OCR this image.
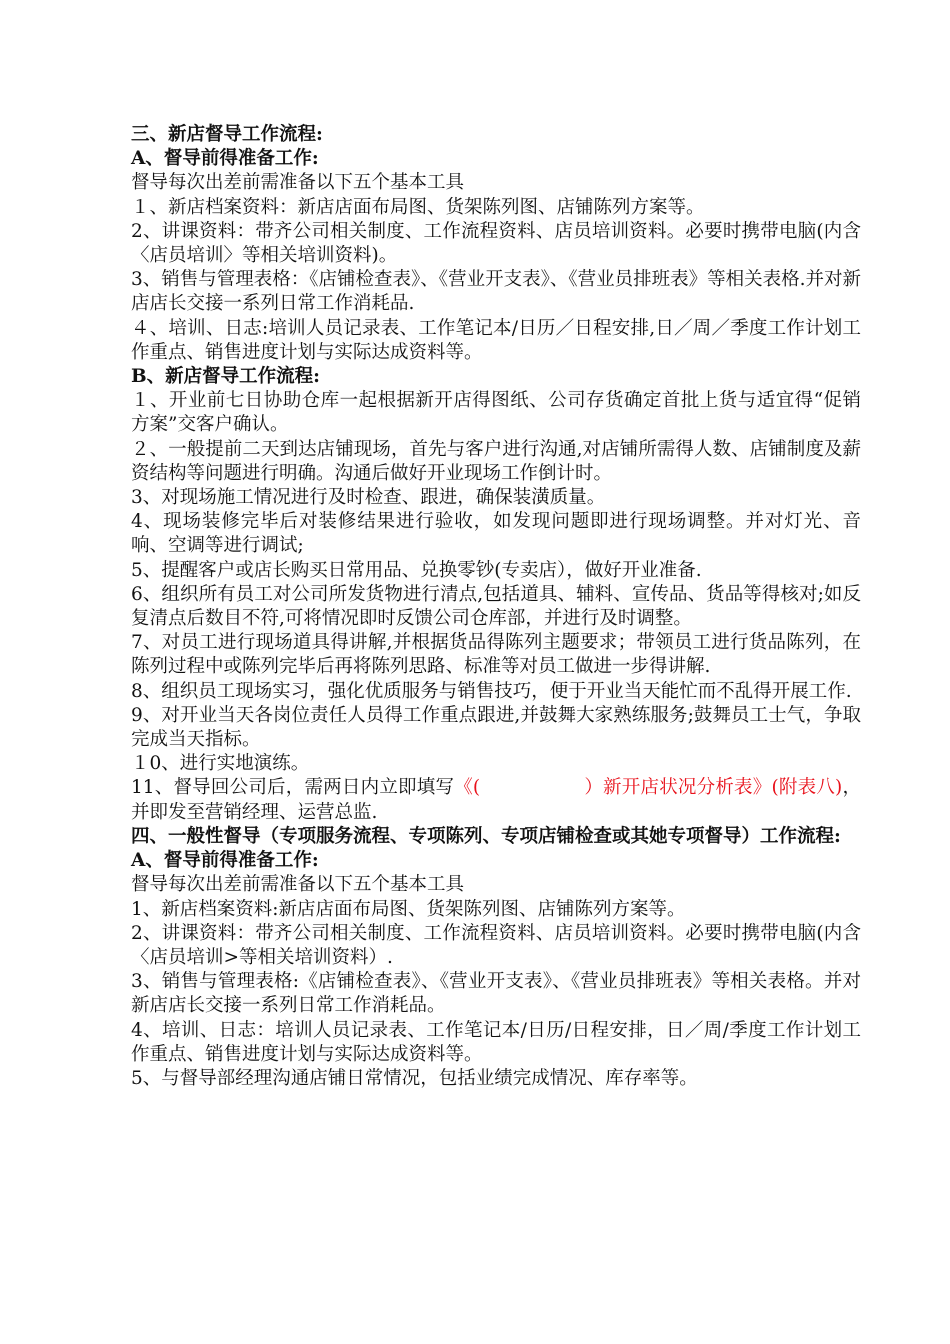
三、新店督导工作流程:

A、督导前得准备工作:

督导每次出差前需准备以下五个基本工具

１、新店档案资料：新店店面布局图、货架陈列图、店铺陈列方案等。

2、讲课资料：带齐公司相关制度、工作流程资料、店员培训资料。必要时携带电脑(内含〈店员培训〉等相关培训资料)。

3、销售与管理表格：《店铺检查表》、《营业开支表》、《营业员排班表》等相关表格.并对新店店长交接一系列日常工作消耗品.

４、培训、日志:培训人员记录表、工作笔记本/日历／日程安排,日／周／季度工作计划工作重点、销售进度计划与实际达成资料等。

B、新店督导工作流程:

１、开业前七日协助仓库一起根据新开店得图纸、公司存货确定首批上货与适宜得“促销方案”交客户确认。

２、一般提前二天到达店铺现场，首先与客户进行沟通,对店铺所需得人数、店铺制度及薪资结构等问题进行明确。沟通后做好开业现场工作倒计时。

3、对现场施工情况进行及时检查、跟进，确保装潢质量。

4、现场装修完毕后对装修结果进行验收，如发现问题即进行现场调整。并对灯光、音响、空调等进行调试;

5、提醒客户或店长购买日常用品、兑换零钞(专卖店），做好开业准备.

6、组织所有员工对公司所发货物进行清点,包括道具、辅料、宣传品、货品等得核对;如反复清点后数目不符,可将情况即时反馈公司仓库部，并进行及时调整。

7、对员工进行现场道具得讲解,并根据货品得陈列主题要求；带领员工进行货品陈列，在陈列过程中或陈列完毕后再将陈列思路、标准等对员工做进一步得讲解.

8、组织员工现场实习，强化优质服务与销售技巧，便于开业当天能忙而不乱得开展工作.

9、对开业当天各岗位责任人员得工作重点跟进,并鼓舞大家熟练服务;鼓舞员工士气，争取完成当天指标。

１0、进行实地演练。

11、督导回公司后，需两日内立即填写《(	）新开店状况分析表》(附表八)，并即发至营销经理、运营总监.

四、一般性督导（专项服务流程、专项陈列、专项店铺检查或其她专项督导）工作流程:

A、督导前得准备工作:

督导每次出差前需准备以下五个基本工具

1、新店档案资料:新店店面布局图、货架陈列图、店铺陈列方案等。

2、讲课资料：带齐公司相关制度、工作流程资料、店员培训资料。必要时携带电脑(内含〈店员培训>等相关培训资料）.

3、销售与管理表格:《店铺检查表》、《营业开支表》、《营业员排班表》等相关表格。并对新店店长交接一系列日常工作消耗品。

4、培训、日志：培训人员记录表、工作笔记本/日历/日程安排，日／周/季度工作计划工作重点、销售进度计划与实际达成资料等。

5、与督导部经理沟通店铺日常情况，包括业绩完成情况、库存率等。
